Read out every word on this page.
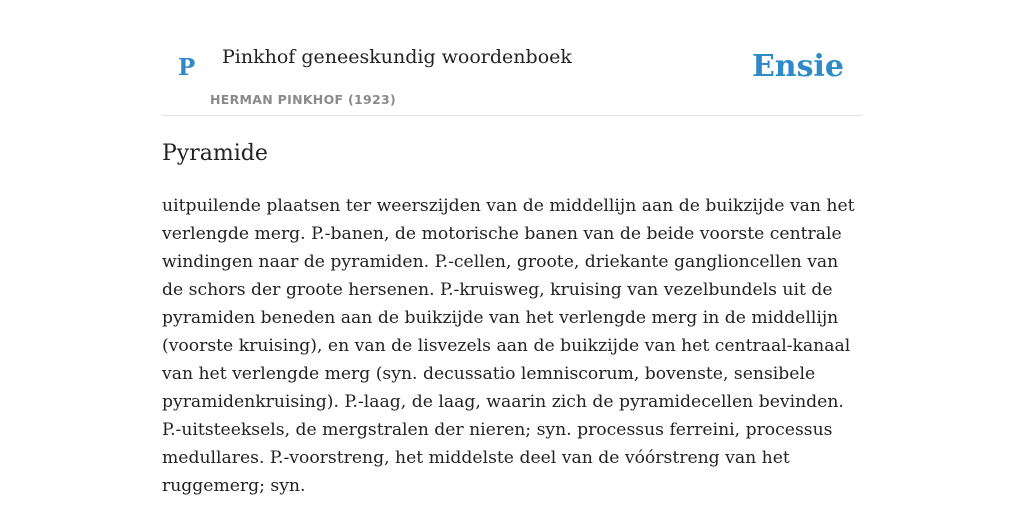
P Pinkhof geneeskundig woordenboek
HERMAN PINKHOF (1923)
Ensie
Pyramide

uitpuilende plaatsen ter weerszijden van de middellijn aan de buikzijde van het verlengde merg. P.-banen, de motorische banen van de beide voorste centrale windingen naar de pyramiden. P.-cellen, groote, driekante ganglioncellen van de schors der groote hersenen. P.-kruisweg, kruising van vezelbundels uit de pyramiden beneden aan de buikzijde van het verlengde merg in de middellijn (voorste kruising), en van de lisvezels aan de buikzijde van het centraal-kanaal van het verlengde merg (syn. decussatio lemniscorum, bovenste, sensibele pyramidenkruising). P.-laag, de laag, waarin zich de pyramidecellen bevinden. P.-uitsteeksels, de mergstralen der nieren; syn. processus ferreini, processus medullares. P.-voorstreng, het middelste deel van de vóórstreng van het ruggemerg; syn.
